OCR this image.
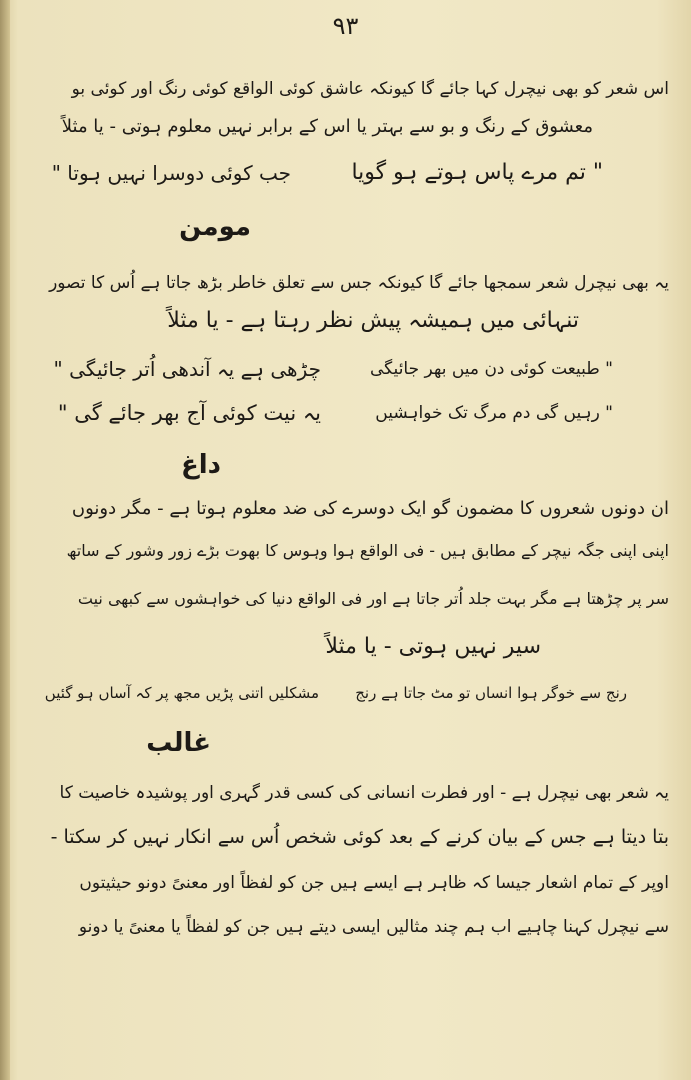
۹۳
اس شعر کو بھی نیچرل کہا جائے گا کیونکہ عاشق کوئی الواقع کوئی رنگ اور کوئی بو
معشوق کے رنگ و بو سے بہتر یا اس کے برابر نہیں معلوم ہوتی - یا مثلاً
" تم مرے پاس ہوتے ہو گویا
جب کوئی دوسرا نہیں ہوتا "
مومن
یہ بھی نیچرل شعر سمجھا جائے گا کیونکہ جس سے تعلق خاطر بڑھ جاتا ہے اُس کا تصور
تنہائی میں ہمیشہ پیش نظر رہتا ہے - یا مثلاً
" طبیعت کوئی دن میں بھر جائیگی
چڑھی ہے یہ آندھی اُتر جائیگی "
" رہیں گی دم مرگ تک خواہشیں
یہ نیت کوئی آج بھر جائے گی "
داغ
ان دونوں شعروں کا مضمون گو ایک دوسرے کی ضد معلوم ہوتا ہے - مگر دونوں
اپنی اپنی جگہ نیچر کے مطابق ہیں - فی الواقع ہوا وہوس کا بھوت بڑے زور وشور کے ساتھ
سر پر چڑھتا ہے مگر بہت جلد اُتر جاتا ہے اور فی الواقع دنیا کی خواہشوں سے کبھی نیت
سیر نہیں ہوتی - یا مثلاً
رنج سے خوگر ہوا انساں تو مٹ جاتا ہے رنج
مشکلیں اتنی پڑیں مجھ پر کہ آساں ہو گئیں
غالب
یہ شعر بھی نیچرل ہے - اور فطرت انسانی کی کسی قدر گہری اور پوشیدہ خاصیت کا
بتا دیتا ہے جس کے بیان کرنے کے بعد کوئی شخص اُس سے انکار نہیں کر سکتا -
اوپر کے تمام اشعار جیسا کہ ظاہر ہے ایسے ہیں جن کو لفظاً اور معنیً دونو حیثیتوں
سے نیچرل کہنا چاہیے اب ہم چند مثالیں ایسی دیتے ہیں جن کو لفظاً یا معنیً یا دونو
